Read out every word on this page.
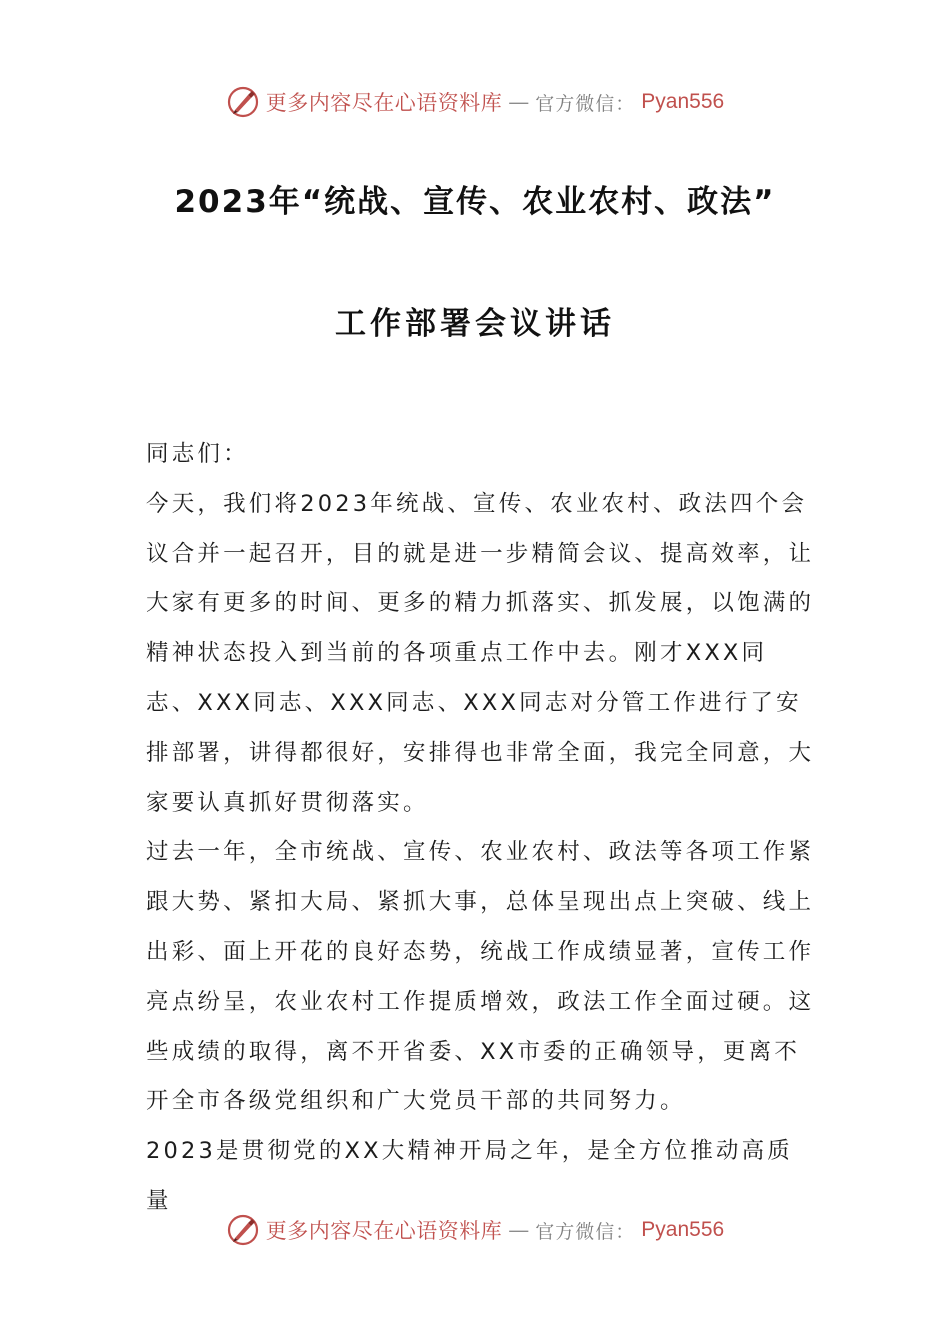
更多内容尽在心语资料库 — 官方微信： Pyan556
2023年“统战、宣传、农业农村、政法”
工作部署会议讲话

同志们：

今天，我们将2023年统战、宣传、农业农村、政法四个会议合并一起召开，目的就是进一步精简会议、提高效率，让大家有更多的时间、更多的精力抓落实、抓发展，以饱满的精神状态投入到当前的各项重点工作中去。刚才XXX同志、XXX同志、XXX同志、XXX同志对分管工作进行了安排部署，讲得都很好，安排得也非常全面，我完全同意，大家要认真抓好贯彻落实。

过去一年，全市统战、宣传、农业农村、政法等各项工作紧跟大势、紧扣大局、紧抓大事，总体呈现出点上突破、线上出彩、面上开花的良好态势，统战工作成绩显著，宣传工作亮点纷呈，农业农村工作提质增效，政法工作全面过硬。这些成绩的取得，离不开省委、XX市委的正确领导，更离不开全市各级党组织和广大党员干部的共同努力。

2023是贯彻党的XX大精神开局之年，是全方位推动高质量

更多内容尽在心语资料库 — 官方微信： Pyan556
